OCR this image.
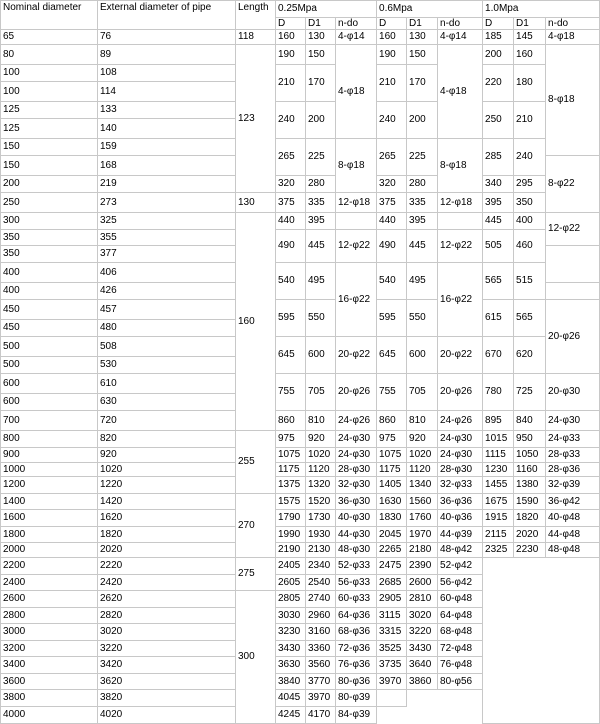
Nominal diameter	External diameter of pipe	Length	0.25Mpa			0.6Mpa			1.0Mpa			
			D	D1	n-do	D	D1	n-do	D	D1	n-do	
65	76	118	160	130	4-φ14	160	130	4-φ14	185	145	4-φ18	
80	89	123	190	150	4-φ18	190	150	4-φ18	200	160	8-φ18	
100	108		210	170		210	170		220	180		
100	114											
125	133		240	200		240	200		250	210		
125	140											
150	159		265	225	8-φ18	265	225	8-φ18	285	240		
150	168										8-φ22	
200	219		320	280		320	280		340	295		
250	273	130	375	335	12-φ18	375	335	12-φ18	395	350		
300	325	160	440	395		440	395		445	400	12-φ22	
350	355		490	445	12-φ22	490	445	12-φ22	505	460		
350	377											
400	406		540	495	16-φ22	540	495	16-φ22	565	515	
400	426											
450	457		595	550		595	550		615	565	20-φ26	
450	480											
500	508		645	600	20-φ22	645	600	20-φ22	670	620		
500	530											
600	610		755	705	20-φ26	755	705	20-φ26	780	725	20-φ30	
600	630											
700	720		860	810	24-φ26	860	810	24-φ26	895	840	24-φ30	
800	820	255	975	920	24-φ30	975	920	24-φ30	1015	950	24-φ33	
900	920		1075	1020	24-φ30	1075	1020	24-φ30	1115	1050	28-φ33	
1000	1020		1175	1120	28-φ30	1175	1120	28-φ30	1230	1160	28-φ36	
1200	1220		1375	1320	32-φ30	1405	1340	32-φ33	1455	1380	32-φ39	
1400	1420	270	1575	1520	36-φ30	1630	1560	36-φ36	1675	1590	36-φ42	
1600	1620		1790	1730	40-φ30	1830	1760	40-φ36	1915	1820	40-φ48	
1800	1820		1990	1930	44-φ30	2045	1970	44-φ39	2115	2020	44-φ48	
2000	2020		2190	2130	48-φ30	2265	2180	48-φ42	2325	2230	48-φ48	
2200	2220	275	2405	2340	52-φ33	2475	2390	52-φ42				
2400	2420		2605	2540	56-φ33	2685	2600	56-φ42			
2600	2620	300	2805	2740	60-φ33	2905	2810	60-φ48			
2800	2820		3030	2960	64-φ36	3115	3020	64-φ48			
3000	3020		3230	3160	68-φ36	3315	3220	68-φ48			
3200	3220		3430	3360	72-φ36	3525	3430	72-φ48				
3400	3420		3630	3560	76-φ36	3735	3640	76-φ48				
3600	3620		3840	3770	80-φ36	3970	3860	80-φ56				
3800	3820		4045	3970	80-φ39							
4000	4020		4245	4170	84-φ39							
